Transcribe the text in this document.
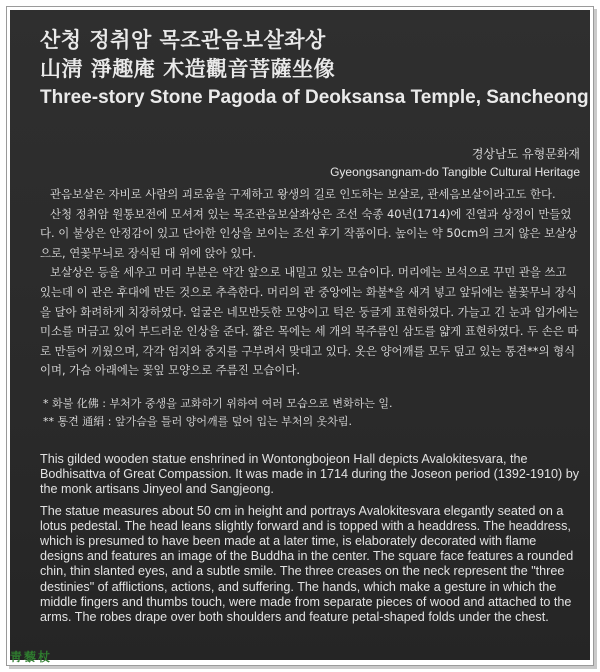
산청 정취암 목조관음보살좌상
山淸 淨趣庵 木造觀音菩薩坐像
Three-story Stone Pagoda of Deoksansa Temple, Sancheong
경상남도 유형문화재
Gyeongsangnam-do Tangible Cultural Heritage

관음보살은 자비로 사람의 괴로움을 구제하고 왕생의 길로 인도하는 보살로, 관세음보살이라고도 한다.

산청 정취암 원통보전에 모셔져 있는 목조관음보살좌상은 조선 숙종 40년(1714)에 진열과 상정이 만들었다. 이 불상은 안정감이 있고 단아한 인상을 보이는 조선 후기 작품이다. 높이는 약 50cm의 크지 않은 보살상으로, 연꽃무늬로 장식된 대 위에 앉아 있다.

보살상은 등을 세우고 머리 부분은 약간 앞으로 내밀고 있는 모습이다. 머리에는 보석으로 꾸민 관을 쓰고 있는데 이 관은 후대에 만든 것으로 추측한다. 머리의 관 중앙에는 화불*을 새겨 넣고 앞뒤에는 불꽃무늬 장식을 달아 화려하게 치장하였다. 얼굴은 네모반듯한 모양이고 턱은 둥글게 표현하였다. 가늘고 긴 눈과 입가에는 미소를 머금고 있어 부드러운 인상을 준다. 짧은 목에는 세 개의 목주름인 삼도를 얇게 표현하였다. 두 손은 따로 만들어 끼웠으며, 각각 엄지와 중지를 구부려서 맞대고 있다. 옷은 양어깨를 모두 덮고 있는 통견**의 형식이며, 가슴 아래에는 꽃잎 모양으로 주름진 모습이다.

* 화불 化佛 : 부처가 중생을 교화하기 위하여 여러 모습으로 변화하는 일.
** 통견 通絹 : 앞가슴을 틀러 양어깨를 덮어 입는 부처의 옷차림.

This gilded wooden statue enshrined in Wontongbojeon Hall depicts Avalokitesvara, the Bodhisattva of Great Compassion. It was made in 1714 during the Joseon period (1392-1910) by the monk artisans Jinyeol and Sangjeong.

The statue measures about 50 cm in height and portrays Avalokitesvara elegantly seated on a lotus pedestal. The head leans slightly forward and is topped with a headdress. The headdress, which is presumed to have been made at a later time, is elaborately decorated with flame designs and features an image of the Buddha in the center. The square face features a rounded chin, thin slanted eyes, and a subtle smile. The three creases on the neck represent the "three destinies" of afflictions, actions, and suffering. The hands, which make a gesture in which the middle fingers and thumbs touch, were made from separate pieces of wood and attached to the arms. The robes drape over both shoulders and feature petal-shaped folds under the chest.

靑藜杖
